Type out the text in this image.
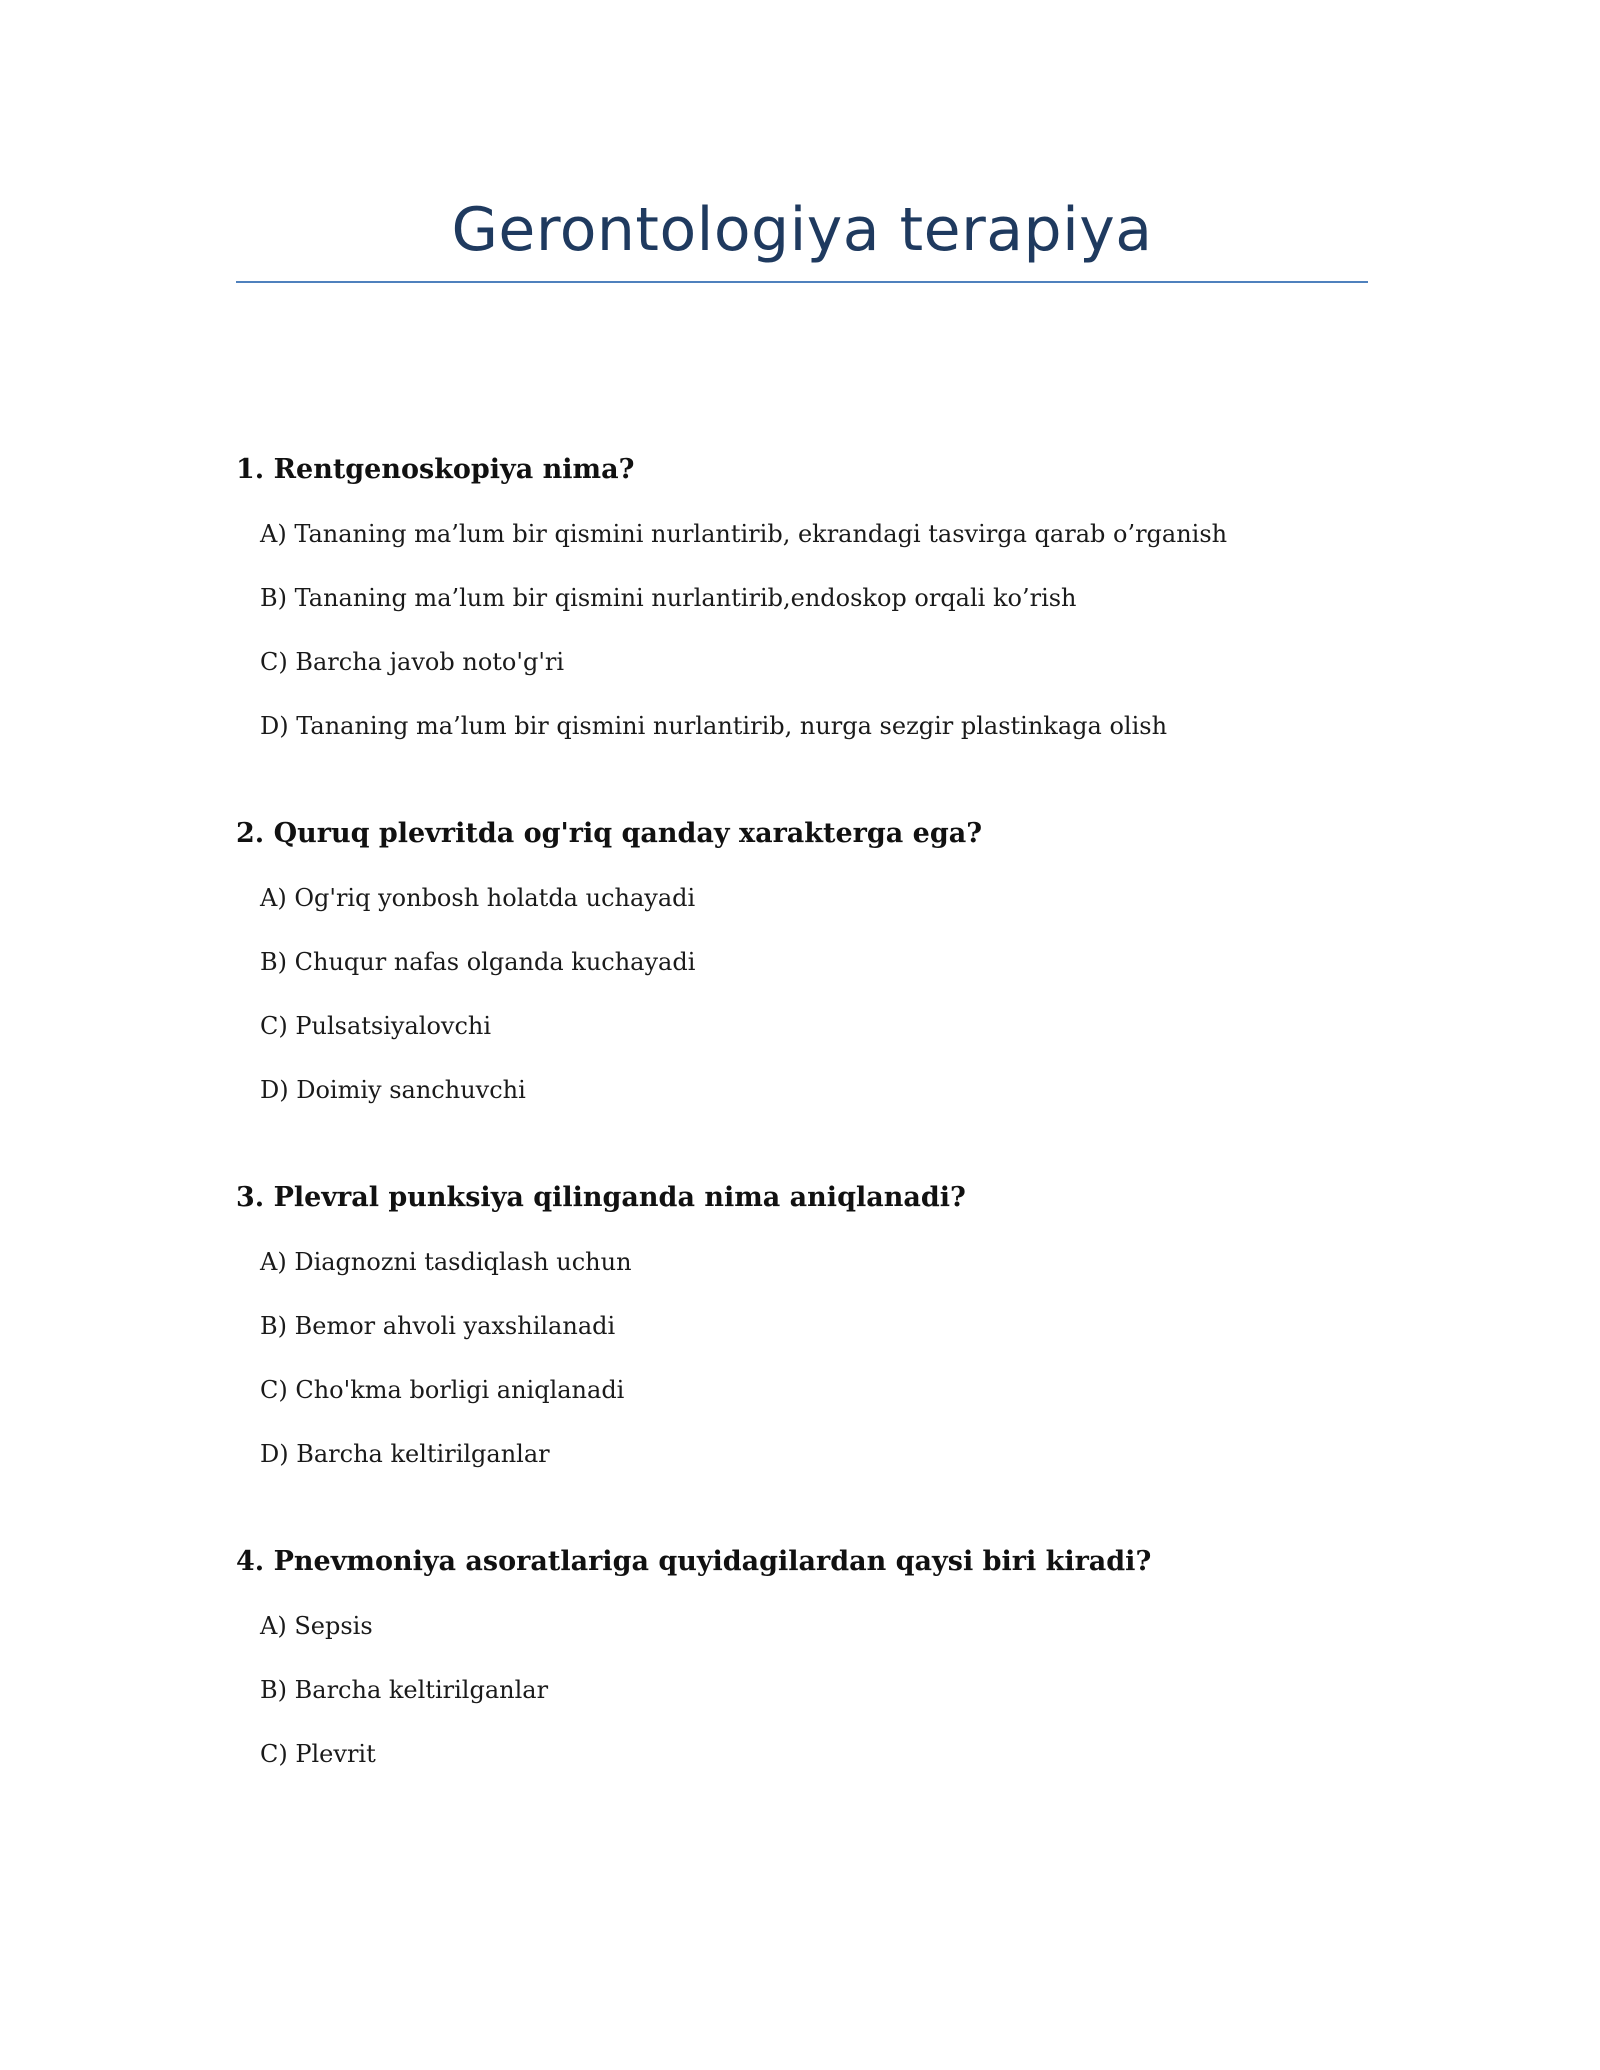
Gerontologiya terapiya

1. Rentgenoskopiya nima?

A) Tananing ma’lum bir qismini nurlantirib, ekrandagi tasvirga qarab o’rganish
B) Tananing ma’lum bir qismini nurlantirib,endoskop orqali ko’rish
C) Barcha javob noto'g'ri
D) Tananing ma’lum bir qismini nurlantirib, nurga sezgir plastinkaga olish

2. Quruq plevritda og'riq qanday xarakterga ega?

A) Og'riq yonbosh holatda uchayadi
B) Chuqur nafas olganda kuchayadi
C) Pulsatsiyalovchi
D) Doimiy sanchuvchi

3. Plevral punksiya qilinganda nima aniqlanadi?

A) Diagnozni tasdiqlash uchun
B) Bemor ahvoli yaxshilanadi
C) Cho'kma borligi aniqlanadi
D) Barcha keltirilganlar

4. Pnevmoniya asoratlariga quyidagilardan qaysi biri kiradi?

A) Sepsis
B) Barcha keltirilganlar
C) Plevrit
